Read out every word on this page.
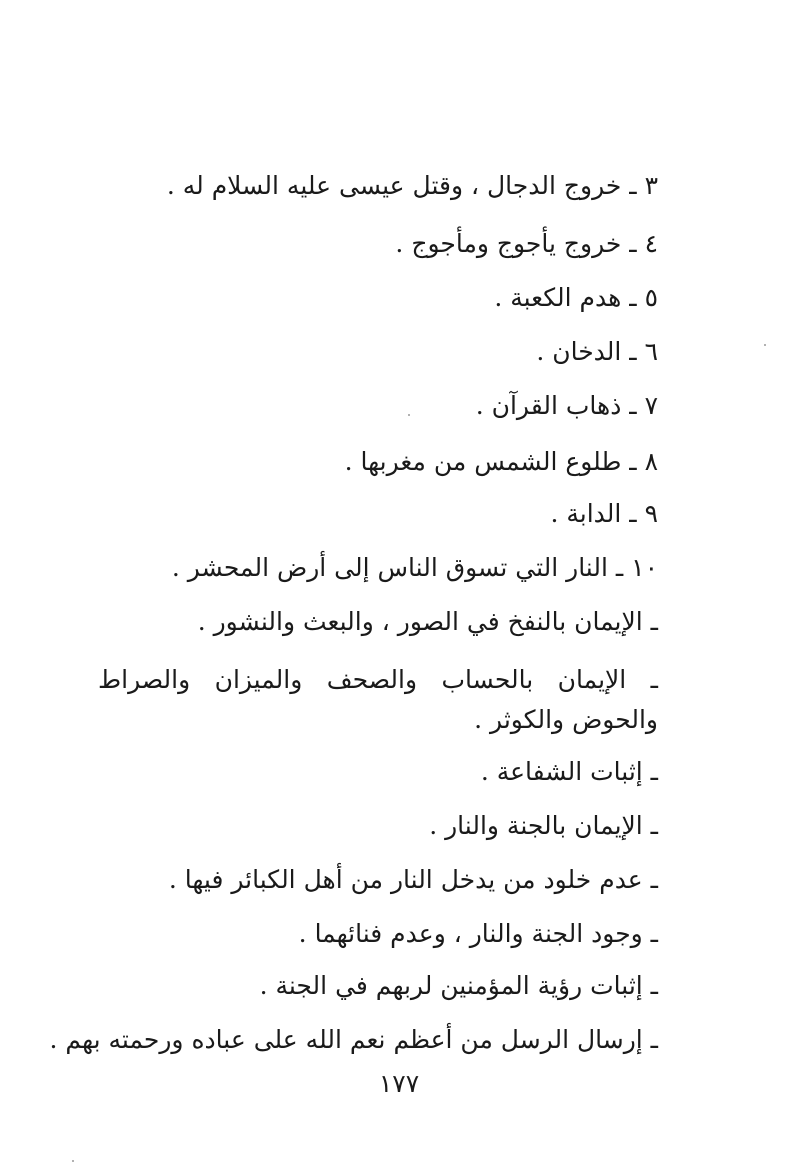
٣ ـ خروج الدجال ، وقتل عيسى عليه السلام له .
٤ ـ خروج يأجوج ومأجوج .
٥ ـ هدم الكعبة .
٦ ـ الدخان .
٧ ـ ذهاب القرآن .
٨ ـ طلوع الشمس من مغربها .
٩ ـ الدابة .
١٠ ـ النار التي تسوق الناس إلى أرض المحشر .
ـ الإيمان بالنفخ في الصور ، والبعث والنشور .
ـ الإيمان بالحساب والصحف والميزان والصراط والحوض والكوثر .
ـ إثبات الشفاعة .
ـ الإيمان بالجنة والنار .
ـ عدم خلود من يدخل النار من أهل الكبائر فيها .
ـ وجود الجنة والنار ، وعدم فنائهما .
ـ إثبات رؤية المؤمنين لربهم في الجنة .
ـ إرسال الرسل من أعظم نعم الله على عباده ورحمته بهم .
١٧٧
